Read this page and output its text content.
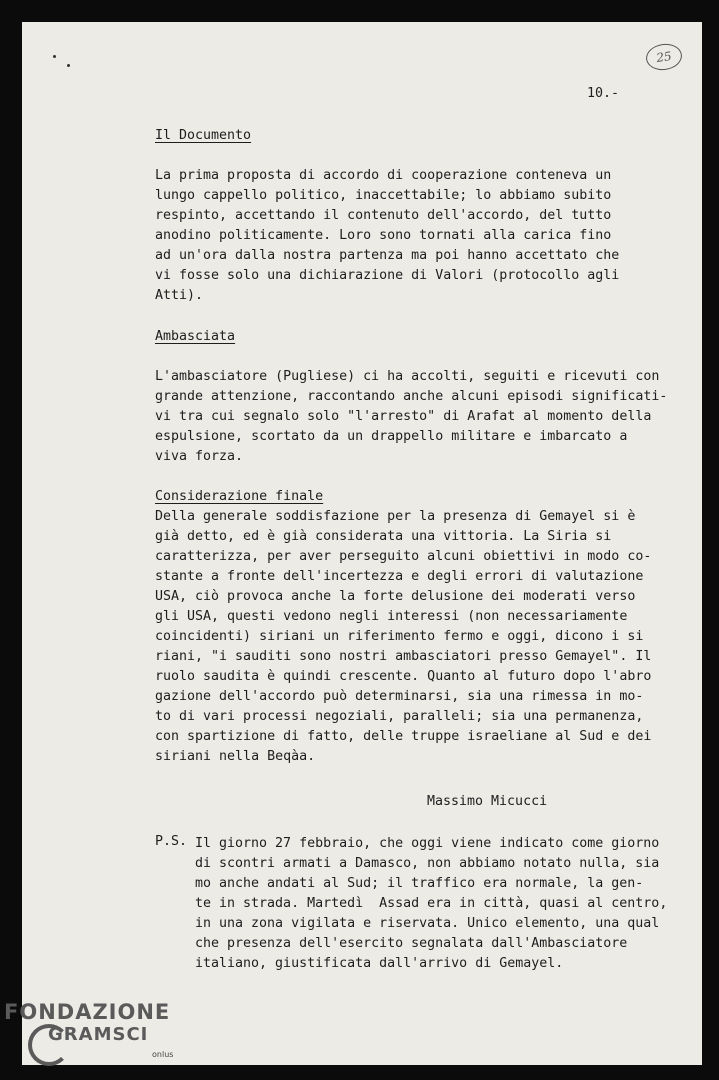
25
10.-
Il Documento
La prima proposta di accordo di cooperazione conteneva un
lungo cappello politico, inaccettabile; lo abbiamo subito
respinto, accettando il contenuto dell'accordo, del tutto
anodino politicamente. Loro sono tornati alla carica fino
ad un'ora dalla nostra partenza ma poi hanno accettato che
vi fosse solo una dichiarazione di Valori (protocollo agli
Atti).
Ambasciata
L'ambasciatore (Pugliese) ci ha accolti, seguiti e ricevuti con
grande attenzione, raccontando anche alcuni episodi significati-
vi tra cui segnalo solo "l'arresto" di Arafat al momento della
espulsione, scortato da un drappello militare e imbarcato a
viva forza.
Considerazione finale
Della generale soddisfazione per la presenza di Gemayel si è
già detto, ed è già considerata una vittoria. La Siria si
caratterizza, per aver perseguito alcuni obiettivi in modo co-
stante a fronte dell'incertezza e degli errori di valutazione
USA, ciò provoca anche la forte delusione dei moderati verso
gli USA, questi vedono negli interessi (non necessariamente
coincidenti) siriani un riferimento fermo e oggi, dicono i si
riani, "i sauditi sono nostri ambasciatori presso Gemayel". Il
ruolo saudita è quindi crescente. Quanto al futuro dopo l'abro
gazione dell'accordo può determinarsi, sia una rimessa in mo-
to di vari processi negoziali, paralleli; sia una permanenza,
con spartizione di fatto, delle truppe israeliane al Sud e dei
siriani nella Beqàa.
Massimo Micucci
P.S. Il giorno 27 febbraio, che oggi viene indicato come giorno
di scontri armati a Damasco, non abbiamo notato nulla, sia
mo anche andati al Sud; il traffico era normale, la gen-
te in strada. Martedì  Assad era in città, quasi al centro,
in una zona vigilata e riservata. Unico elemento, una qual
che presenza dell'esercito segnalata dall'Ambasciatore
italiano, giustificata dall'arrivo di Gemayel.
FONDAZIONE
GRAMSCI
onlus
